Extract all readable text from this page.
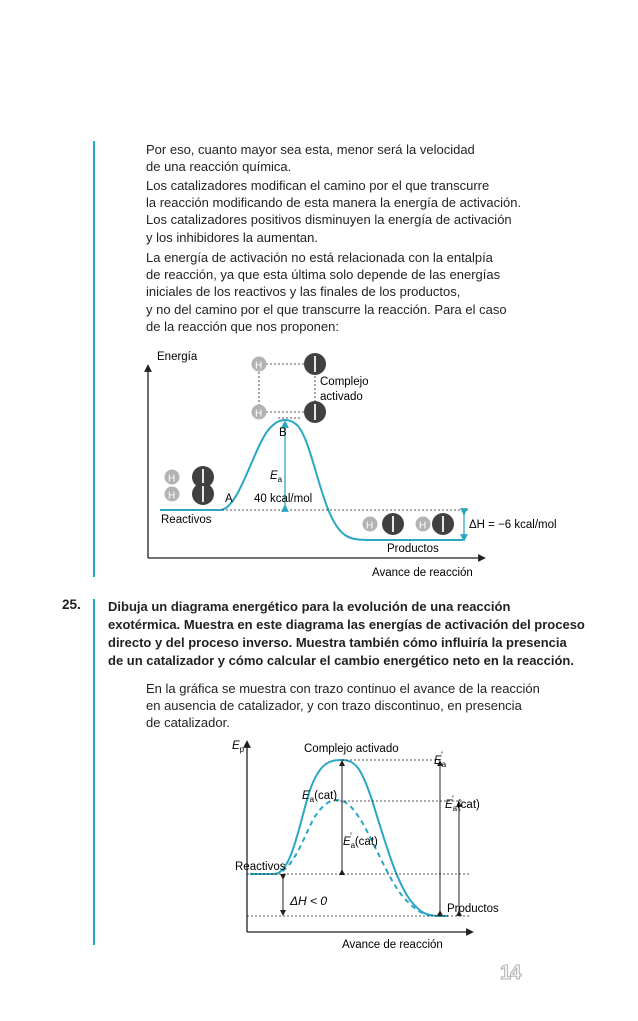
Por eso, cuanto mayor sea esta, menor será la velocidad
de una reacción química.
Los catalizadores modifican el camino por el que transcurre
la reacción modificando de esta manera la energía de activación.
Los catalizadores positivos disminuyen la energía de activación
y los inhibidores la aumentan.
La energía de activación no está relacionada con la entalpía
de reacción, ya que esta última solo depende de las energías
iniciales de los reactivos y las finales de los productos,
y no del camino por el que transcurre la reacción. Para el caso
de la reacción que nos proponen:
Energía
Avance de reacción
B
A
$E_a$
40 kcal/mol
Reactivos
Productos
ΔH = −6 kcal/mol
Complejo
activado
H
H
H
H
H	H
25. Dibuja un diagrama energético para la evolución de una reacción
exotérmica. Muestra en este diagrama las energías de activación del proceso
directo y del proceso inverso. Muestra también cómo influiría la presencia
de un catalizador y cómo calcular el cambio energético neto en la reacción.
En la gráfica se muestra con trazo continuo el avance de la reacción
en ausencia de catalizador, y con trazo discontinuo, en presencia
de catalizador.
$E_p$
Avance de reacción
Complejo activado
$E_a'$
$E_a(cat)$
$E_a'$ (cat)
$E_a'$ (cat)
Reactivos
Productos
ΔH < 0
14
